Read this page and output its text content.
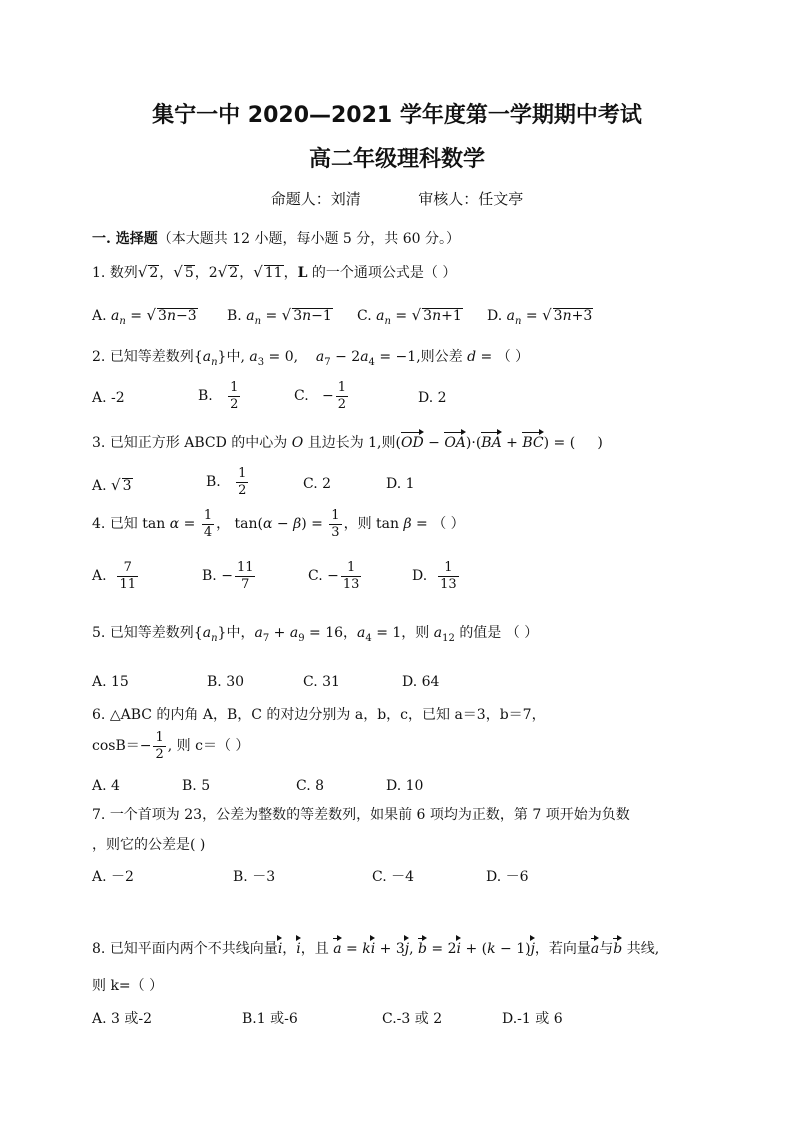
集宁一中 2020—2021 学年度第一学期期中考试
高二年级理科数学
命题人：刘清	审核人：任文亭
一. 选择题（本大题共 12 小题，每小题 5 分，共 60 分。）
1. 数列√ 2，√ 5，2√ 2，√ 11，L 的一个通项公式是（ ）
A. $a_n$ = √ 3n−3 B. $a_n$ = √ 3n−1 C. $a_n$ = √ 3n+1 D. $a_n$ = √ 3n+3
2. 已知等差数列$\{a_n\}$中, $a_3 = 0$,    $a_7 - 2a_4 = -1$,则公差 d = （ ）
A. -2	B. $\frac{1}{2}$	C.   − $\frac{1}{2}$	D. 2
3. 已知正方形 ABCD 的中心为 O 且边长为 1,则(OD − OA)·(BA + BC) = (     )
A. √ 3	B. $\frac{1}{2}$	C. 2	D. 1
4. 已知 $\tan \alpha = \frac{1}{4}$ ， $\tan(\alpha - \beta) = \frac{1}{3}$ ，则 tan β = （ ）
A. $\frac{7}{11}$	B. − $\frac{11}{7}$	C. − $\frac{1}{13}$	D. $\frac{1}{13}$
5. 已知等差数列$\{a_n\}$中，$a_7 + a_9 = 16$，$a_4 = 1$，则 $a_{12}$ 的值是 （ ）
A. 15	B. 30	C. 31	D. 64
6. △ABC 的内角 A，B，C 的对边分别为 a，b，c，已知 a＝3，b＝7，
$\cos B=- \frac{1}{2}$ , 则 c＝（ ）
A. 4	B. 5	C. 8	D. 10
7. 一个首项为 23，公差为整数的等差数列，如果前 6 项均为正数，第 7 项开始为负数
，则它的公差是( )
A. －2	B. －3	C. －4	D. －6
8. 已知平面内两个不共线向量i，i，且 a = ki + 3j, b = 2i + (k − 1)j，若向量a与b 共线,
则 k=（ ）
A. 3 或-2	B.1 或-6	C.-3 或 2	D.-1 或 6
